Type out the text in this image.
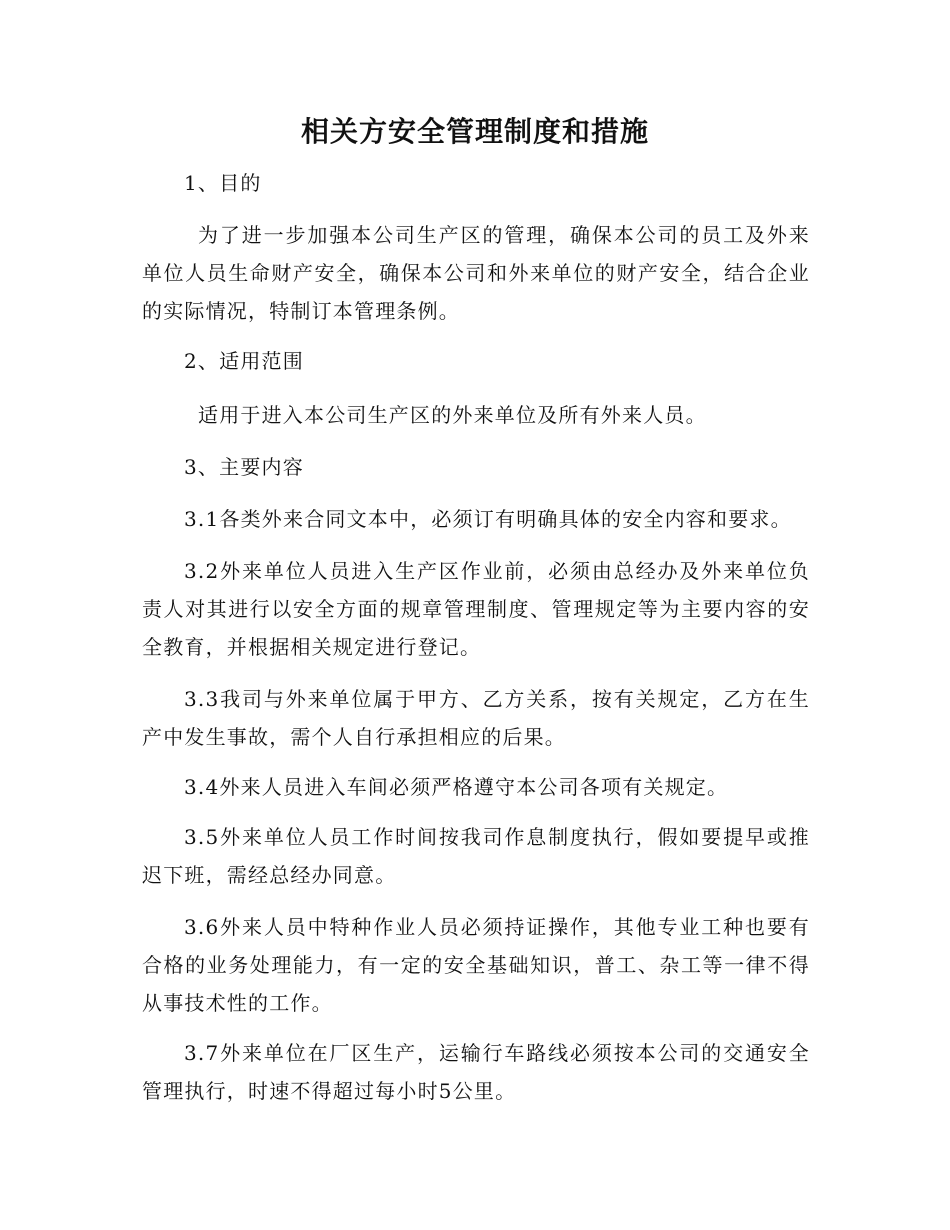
相关方安全管理制度和措施
1、目的
为了进一步加强本公司生产区的管理，确保本公司的员工及外来单位人员生命财产安全，确保本公司和外来单位的财产安全，结合企业的实际情况，特制订本管理条例。
2、适用范围
适用于进入本公司生产区的外来单位及所有外来人员。
3、主要内容
3.1各类外来合同文本中，必须订有明确具体的安全内容和要求。
3.2外来单位人员进入生产区作业前，必须由总经办及外来单位负责人对其进行以安全方面的规章管理制度、管理规定等为主要内容的安全教育，并根据相关规定进行登记。
3.3我司与外来单位属于甲方、乙方关系，按有关规定，乙方在生产中发生事故，需个人自行承担相应的后果。
3.4外来人员进入车间必须严格遵守本公司各项有关规定。
3.5外来单位人员工作时间按我司作息制度执行，假如要提早或推迟下班，需经总经办同意。
3.6外来人员中特种作业人员必须持证操作，其他专业工种也要有合格的业务处理能力，有一定的安全基础知识，普工、杂工等一律不得从事技术性的工作。
3.7外来单位在厂区生产，运输行车路线必须按本公司的交通安全管理执行，时速不得超过每小时5公里。
